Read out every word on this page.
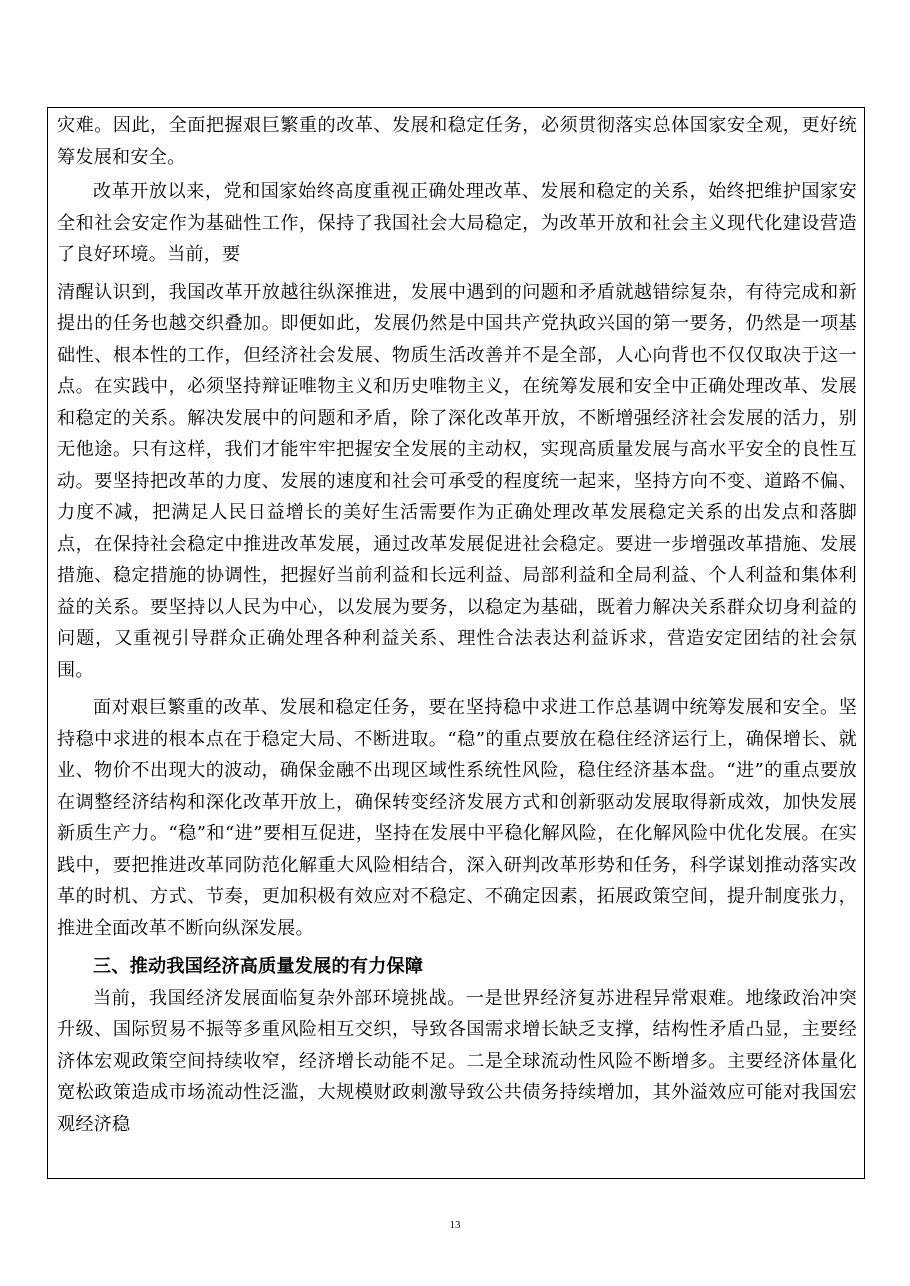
灾难。因此，全面把握艰巨繁重的改革、发展和稳定任务，必须贯彻落实总体国家安全观，更好统筹发展和安全。

改革开放以来，党和国家始终高度重视正确处理改革、发展和稳定的关系，始终把维护国家安全和社会安定作为基础性工作，保持了我国社会大局稳定，为改革开放和社会主义现代化建设营造了良好环境。当前，要

清醒认识到，我国改革开放越往纵深推进，发展中遇到的问题和矛盾就越错综复杂，有待完成和新提出的任务也越交织叠加。即便如此，发展仍然是中国共产党执政兴国的第一要务，仍然是一项基础性、根本性的工作，但经济社会发展、物质生活改善并不是全部，人心向背也不仅仅取决于这一点。在实践中，必须坚持辩证唯物主义和历史唯物主义，在统筹发展和安全中正确处理改革、发展和稳定的关系。解决发展中的问题和矛盾，除了深化改革开放，不断增强经济社会发展的活力，别无他途。只有这样，我们才能牢牢把握安全发展的主动权，实现高质量发展与高水平安全的良性互动。要坚持把改革的力度、发展的速度和社会可承受的程度统一起来，坚持方向不变、道路不偏、力度不减，把满足人民日益增长的美好生活需要作为正确处理改革发展稳定关系的出发点和落脚点，在保持社会稳定中推进改革发展，通过改革发展促进社会稳定。要进一步增强改革措施、发展措施、稳定措施的协调性，把握好当前利益和长远利益、局部利益和全局利益、个人利益和集体利益的关系。要坚持以人民为中心，以发展为要务，以稳定为基础，既着力解决关系群众切身利益的问题，又重视引导群众正确处理各种利益关系、理性合法表达利益诉求，营造安定团结的社会氛围。

面对艰巨繁重的改革、发展和稳定任务，要在坚持稳中求进工作总基调中统筹发展和安全。坚持稳中求进的根本点在于稳定大局、不断进取。“稳”的重点要放在稳住经济运行上，确保增长、就业、物价不出现大的波动，确保金融不出现区域性系统性风险，稳住经济基本盘。“进”的重点要放在调整经济结构和深化改革开放上，确保转变经济发展方式和创新驱动发展取得新成效，加快发展新质生产力。“稳”和“进”要相互促进，坚持在发展中平稳化解风险，在化解风险中优化发展。在实践中，要把推进改革同防范化解重大风险相结合，深入研判改革形势和任务，科学谋划推动落实改革的时机、方式、节奏，更加积极有效应对不稳定、不确定因素，拓展政策空间，提升制度张力，推进全面改革不断向纵深发展。

三、推动我国经济高质量发展的有力保障

当前，我国经济发展面临复杂外部环境挑战。一是世界经济复苏进程异常艰难。地缘政治冲突升级、国际贸易不振等多重风险相互交织，导致各国需求增长缺乏支撑，结构性矛盾凸显，主要经济体宏观政策空间持续收窄，经济增长动能不足。二是全球流动性风险不断增多。主要经济体量化宽松政策造成市场流动性泛滥，大规模财政刺激导致公共债务持续增加，其外溢效应可能对我国宏观经济稳

13
